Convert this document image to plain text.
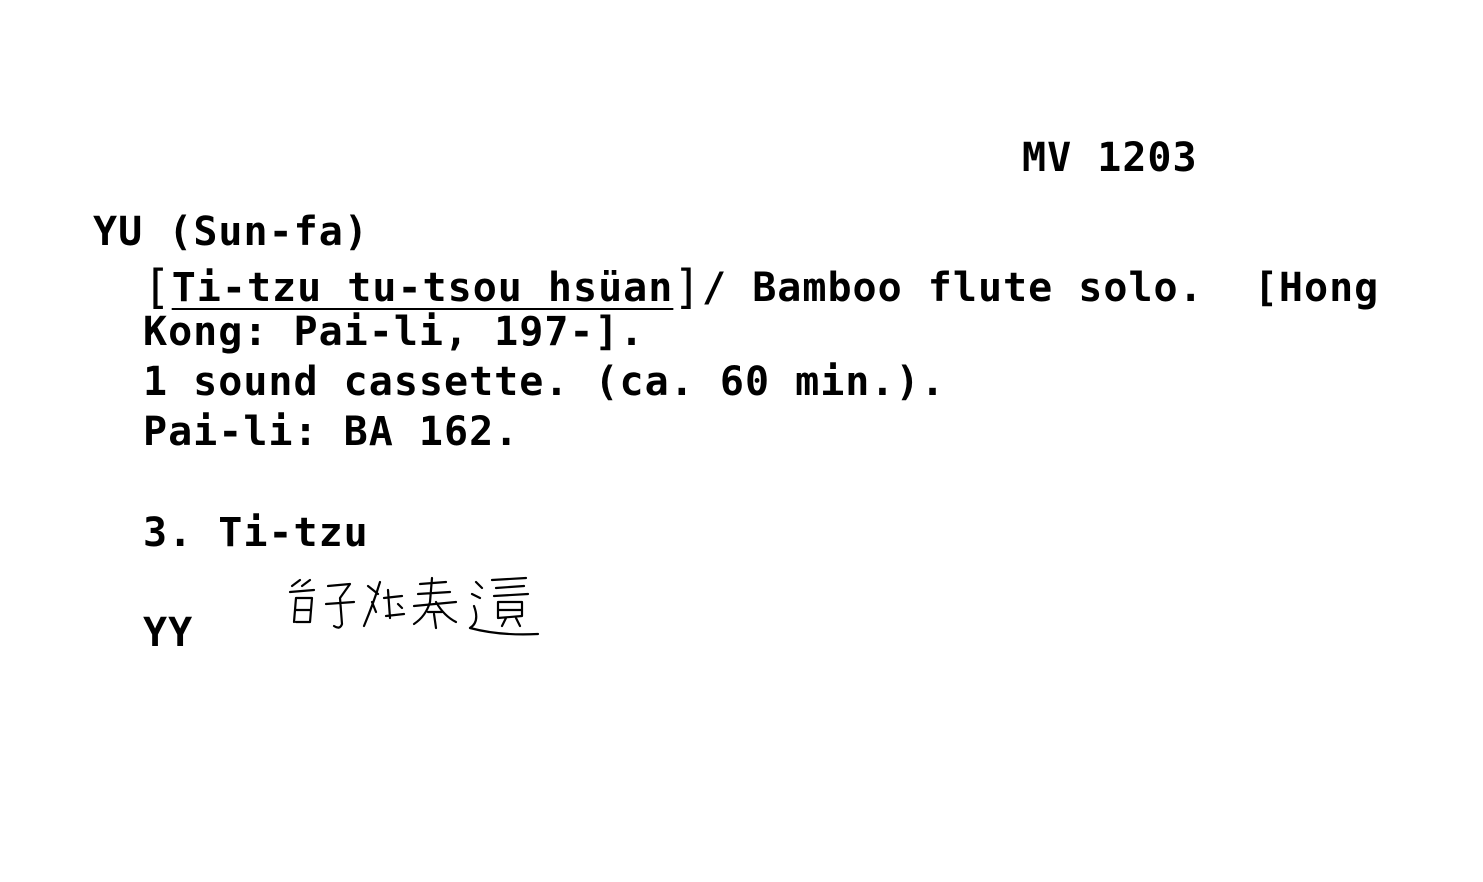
MV 1203
YU (Sun-fa)
[Ti-tzu tu-tsou hsüan]/ Bamboo flute solo.  [Hong
Kong: Pai-li, 197-].
1 sound cassette. (ca. 60 min.).
Pai-li: BA 162.
3. Ti-tzu
YY
